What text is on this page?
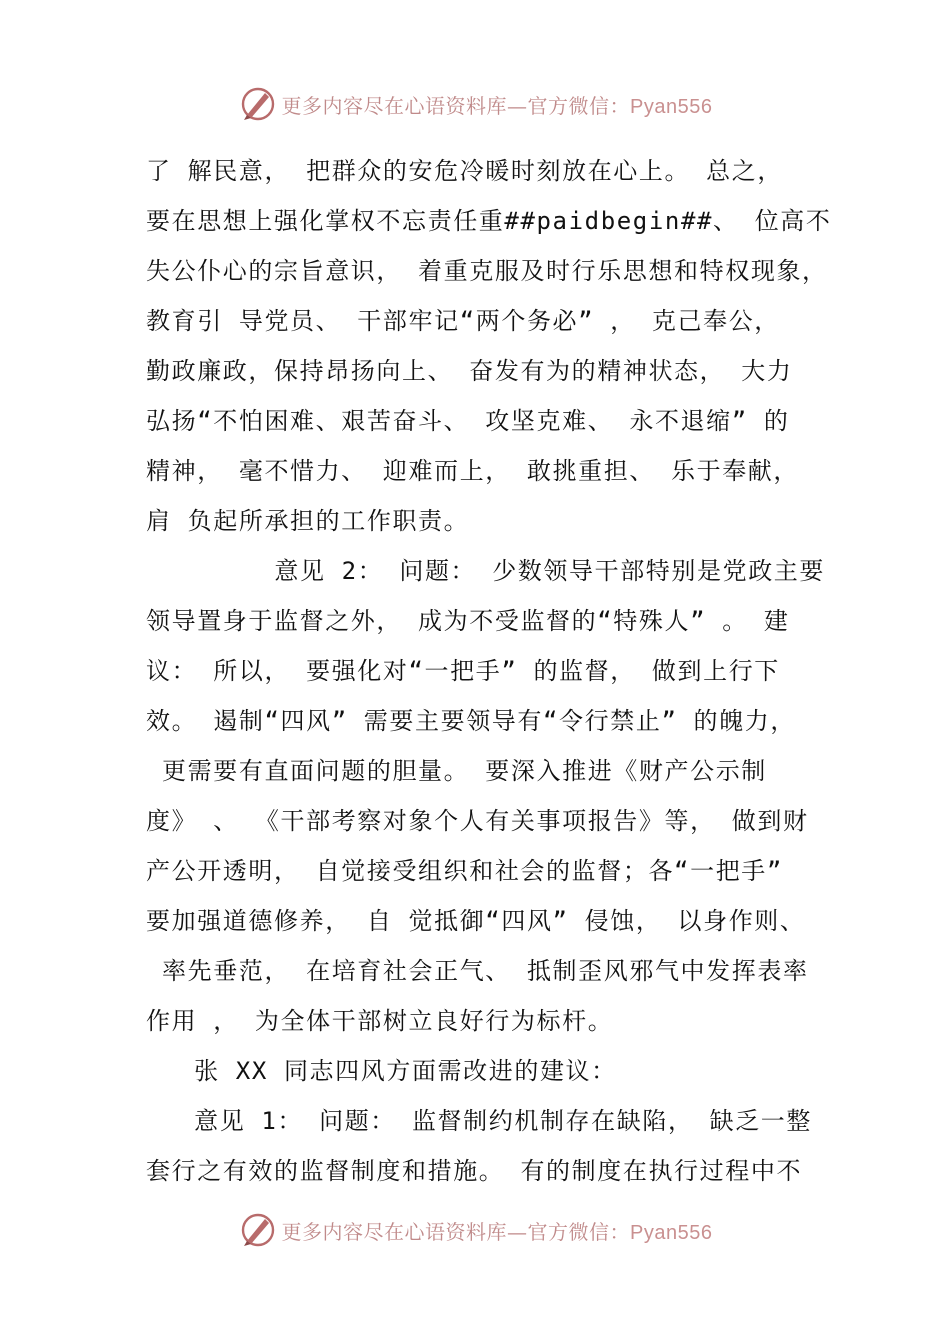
更多内容尽在心语资料库—官方微信：Pyan556
了 解民意， 把群众的安危冷暖时刻放在心上。 总之，
要在思想上强化掌权不忘责任重##paidbegin##、 位高不
失公仆心的宗旨意识， 着重克服及时行乐思想和特权现象，
教育引 导党员、 干部牢记“两个务必” ， 克己奉公，
勤政廉政，保持昂扬向上、 奋发有为的精神状态， 大力
弘扬“不怕困难、艰苦奋斗、 攻坚克难、 永不退缩” 的
精神， 毫不惜力、 迎难而上， 敢挑重担、 乐于奉献，
肩 负起所承担的工作职责。
意见 2： 问题： 少数领导干部特别是党政主要
领导置身于监督之外， 成为不受监督的“特殊人” 。 建
议： 所以， 要强化对“一把手” 的监督， 做到上行下
效。 遏制“四风” 需要主要领导有“令行禁止” 的魄力，
更需要有直面问题的胆量。 要深入推进《财产公示制
度》 、 《干部考察对象个人有关事项报告》等， 做到财
产公开透明， 自觉接受组织和社会的监督；各“一把手”
要加强道德修养， 自 觉抵御“四风” 侵蚀， 以身作则、
率先垂范， 在培育社会正气、 抵制歪风邪气中发挥表率
作用 ， 为全体干部树立良好行为标杆。
张 XX 同志四风方面需改进的建议：
意见 1： 问题： 监督制约机制存在缺陷， 缺乏一整
套行之有效的监督制度和措施。 有的制度在执行过程中不
更多内容尽在心语资料库—官方微信：Pyan556
